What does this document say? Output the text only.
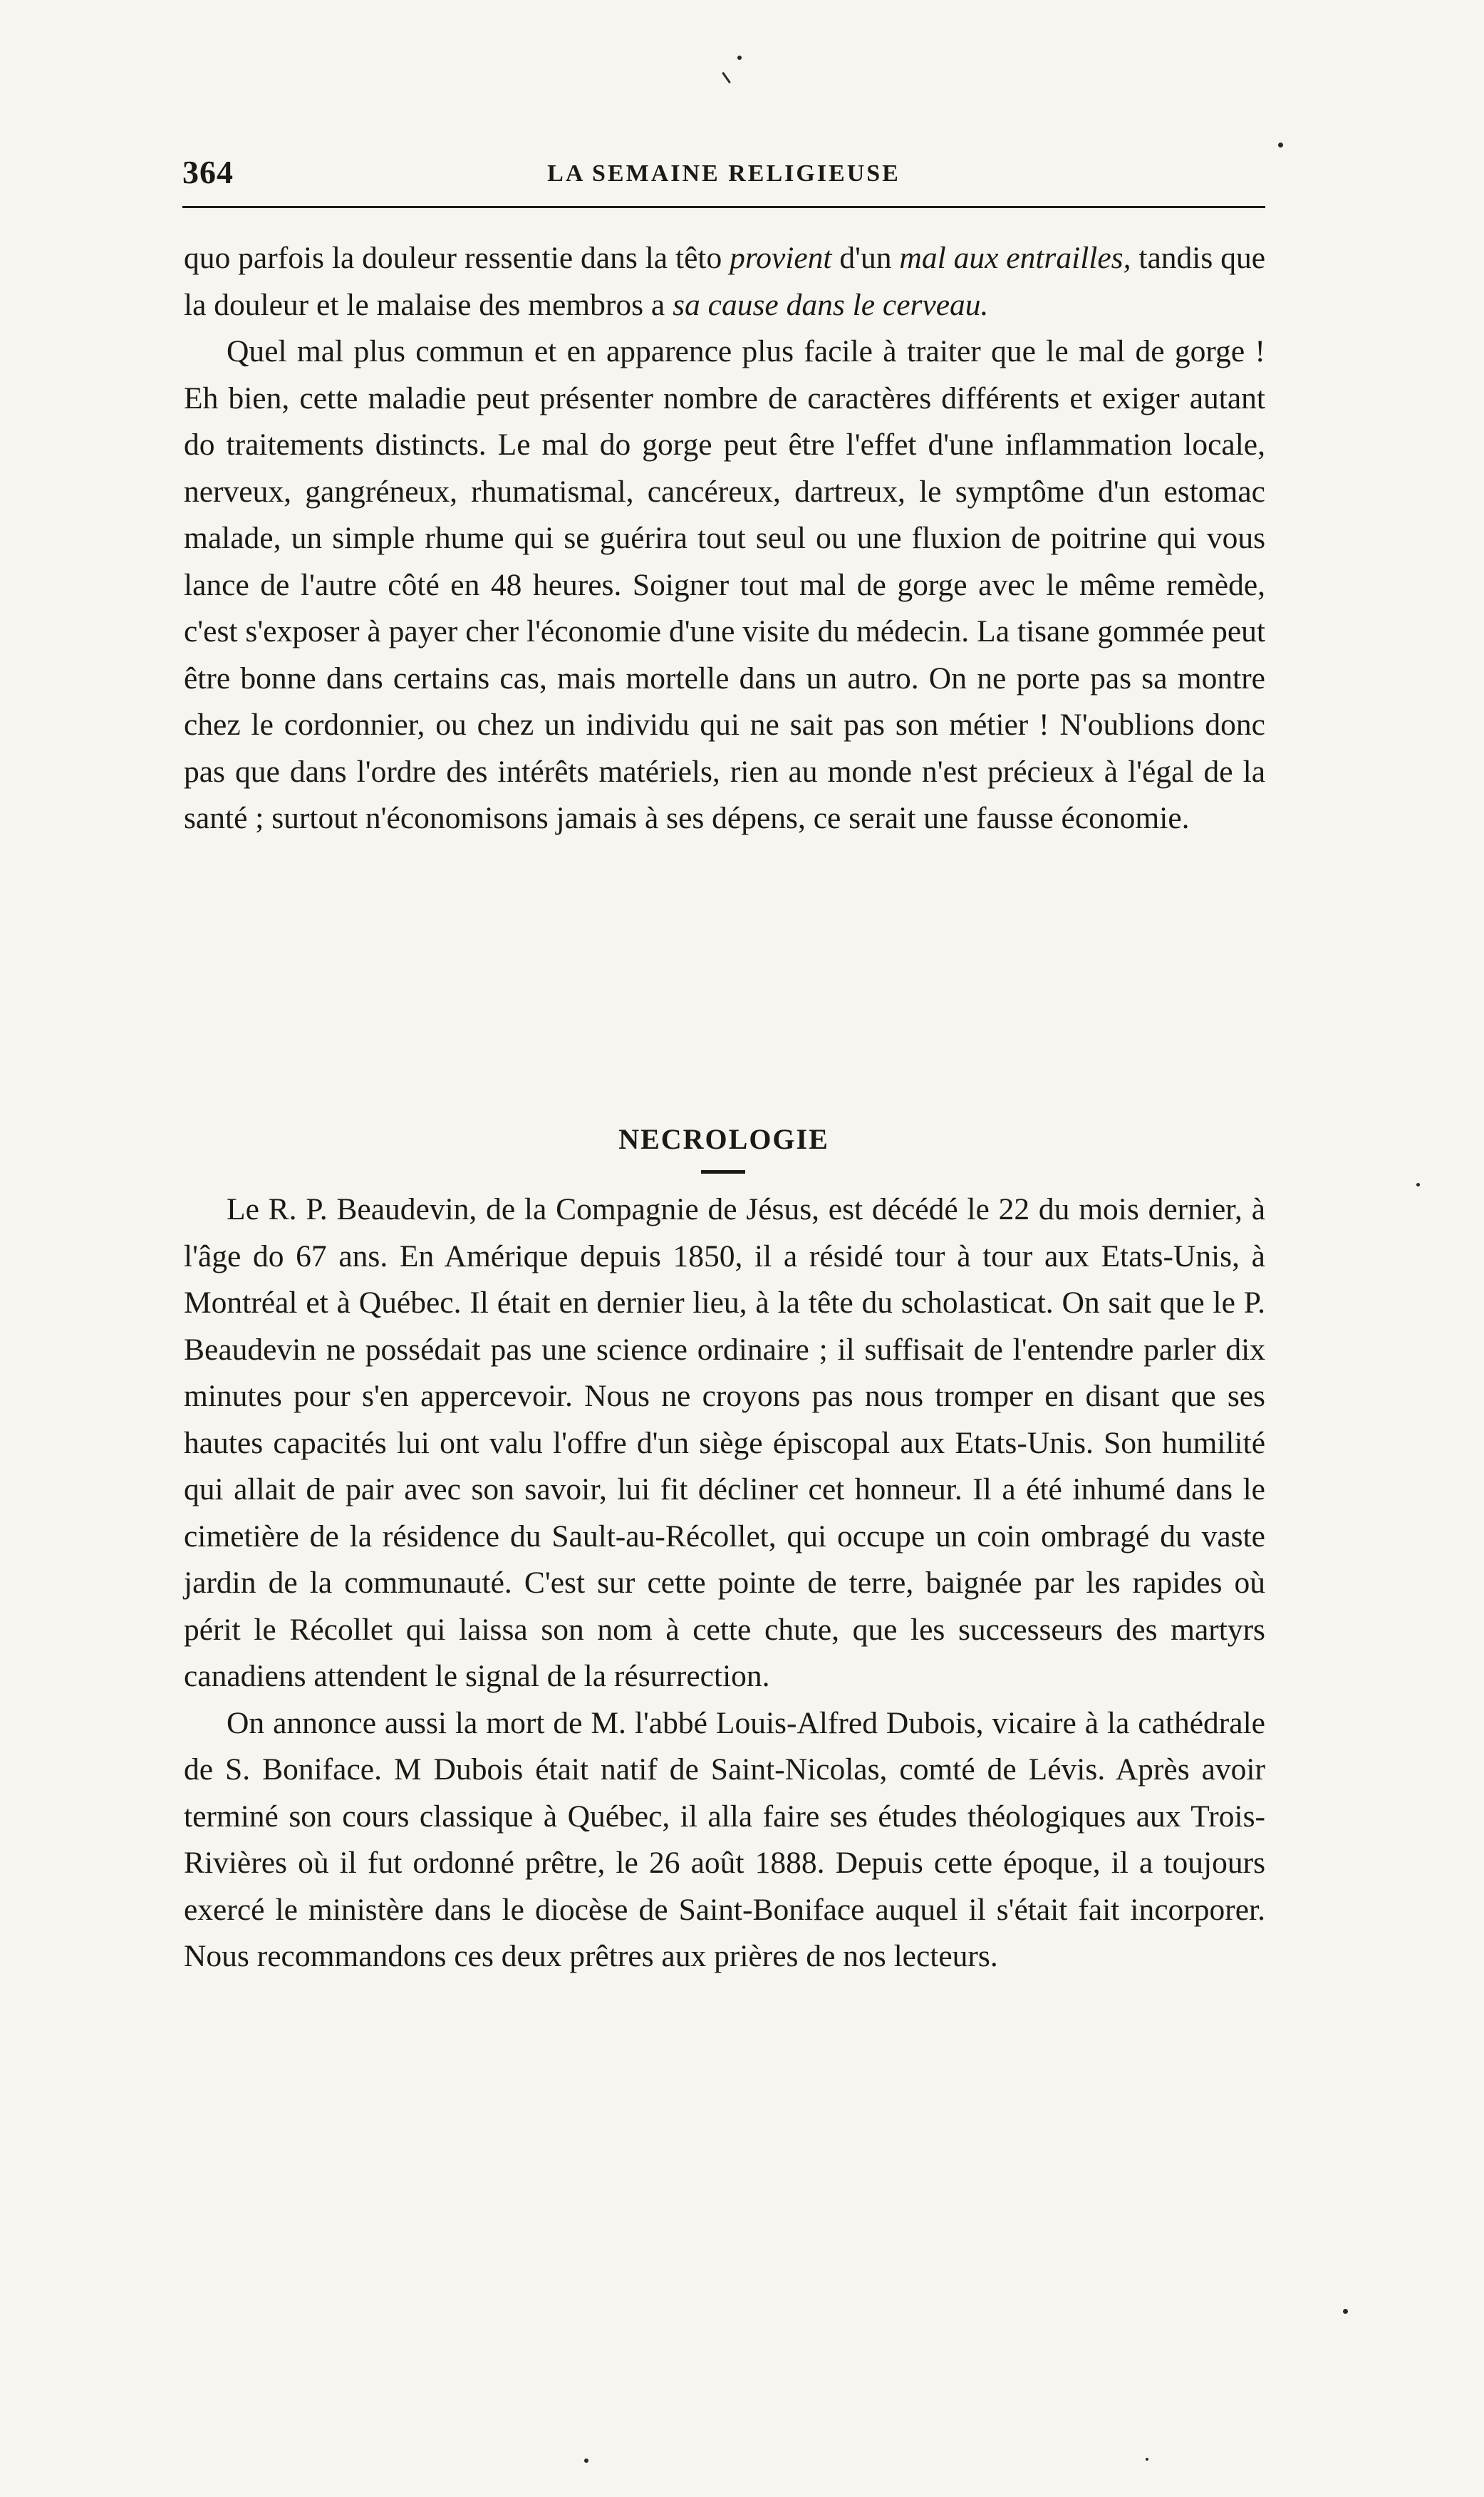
364	LA SEMAINE RELIGIEUSE

quo parfois la douleur ressentie dans la têto provient d'un mal aux entrailles, tandis que la douleur et le malaise des membros a sa cause dans le cerveau.

Quel mal plus commun et en apparence plus facile à traiter que le mal de gorge ! Eh bien, cette maladie peut présenter nombre de caractères différents et exiger autant do traitements distincts. Le mal do gorge peut être l'effet d'une inflammation locale, nerveux, gangréneux, rhumatismal, cancéreux, dartreux, le symptôme d'un estomac malade, un simple rhume qui se guérira tout seul ou une fluxion de poitrine qui vous lance de l'autre côté en 48 heures. Soigner tout mal de gorge avec le même remède, c'est s'exposer à payer cher l'économie d'une visite du médecin. La tisane gommée peut être bonne dans certains cas, mais mortelle dans un autro. On ne porte pas sa montre chez le cordonnier, ou chez un individu qui ne sait pas son métier ! N'oublions donc pas que dans l'ordre des intérêts matériels, rien au monde n'est précieux à l'égal de la santé ; surtout n'économisons jamais à ses dépens, ce serait une fausse économie.

NECROLOGIE

Le R. P. Beaudevin, de la Compagnie de Jésus, est décédé le 22 du mois dernier, à l'âge do 67 ans. En Amérique depuis 1850, il a résidé tour à tour aux Etats-Unis, à Montréal et à Québec. Il était en dernier lieu, à la tête du scholasticat. On sait que le P. Beaudevin ne possédait pas une science ordinaire ; il suffisait de l'entendre parler dix minutes pour s'en appercevoir. Nous ne croyons pas nous tromper en disant que ses hautes capacités lui ont valu l'offre d'un siège épiscopal aux Etats-Unis. Son humilité qui allait de pair avec son savoir, lui fit décliner cet honneur. Il a été inhumé dans le cimetière de la résidence du Sault-au-Récollet, qui occupe un coin ombragé du vaste jardin de la communauté. C'est sur cette pointe de terre, baignée par les rapides où périt le Récollet qui laissa son nom à cette chute, que les successeurs des martyrs canadiens attendent le signal de la résurrection.

On annonce aussi la mort de M. l'abbé Louis-Alfred Dubois, vicaire à la cathédrale de S. Boniface. M Dubois était natif de Saint-Nicolas, comté de Lévis. Après avoir terminé son cours classique à Québec, il alla faire ses études théologiques aux Trois-Rivières où il fut ordonné prêtre, le 26 août 1888. Depuis cette époque, il a toujours exercé le ministère dans le diocèse de Saint-Boniface auquel il s'était fait incorporer. Nous recommandons ces deux prêtres aux prières de nos lecteurs.
